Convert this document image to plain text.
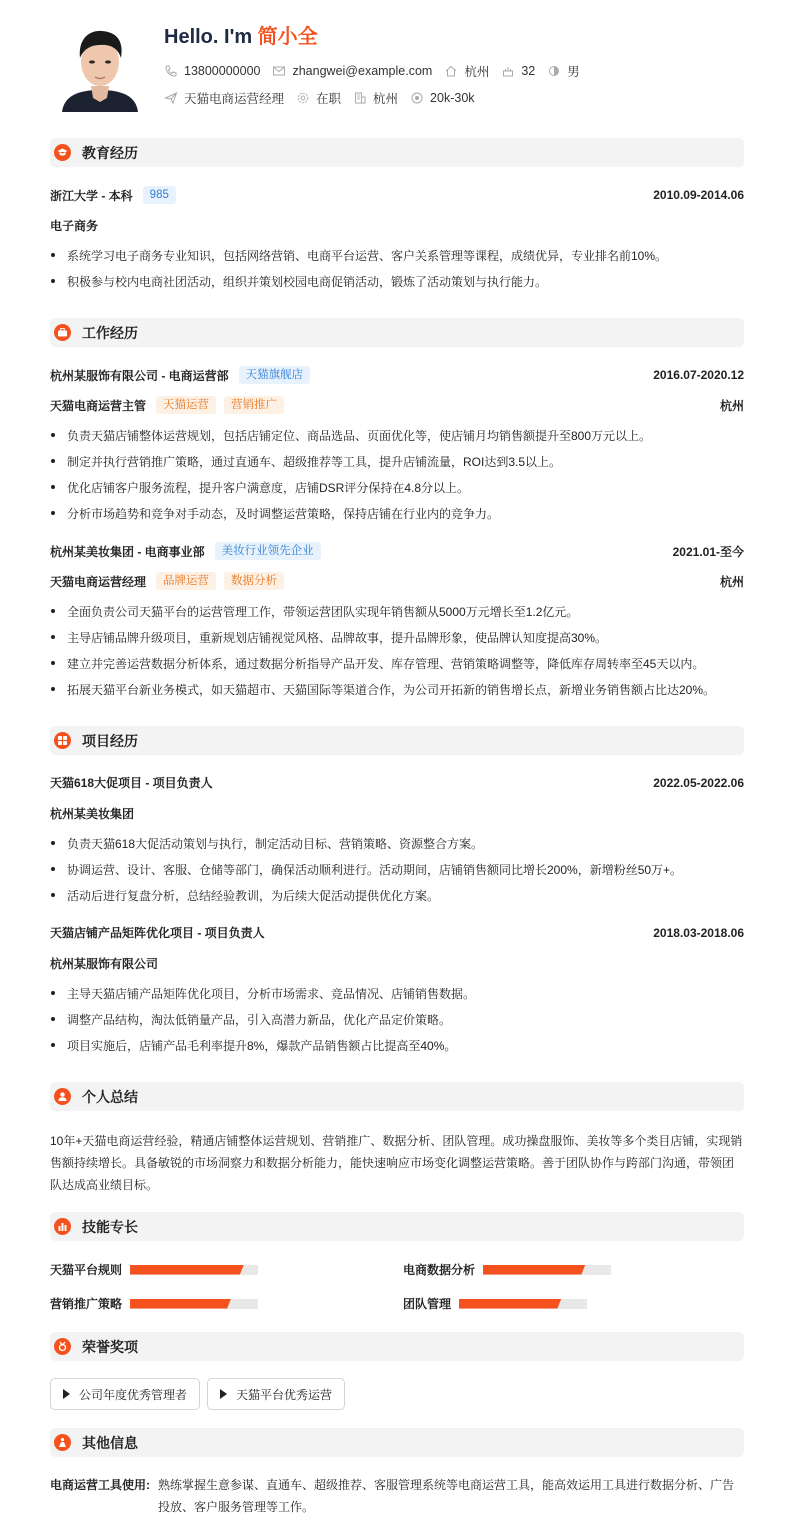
Hello. I'm 简小全
13800000000	zhangwei@example.com	杭州	32	男
天猫电商运营经理	在职	杭州	20k-30k
教育经历
浙江大学 - 本科	985	2010.09-2014.06
电子商务
系统学习电子商务专业知识，包括网络营销、电商平台运营、客户关系管理等课程，成绩优异，专业排名前10%。
积极参与校内电商社团活动，组织并策划校园电商促销活动，锻炼了活动策划与执行能力。
工作经历
杭州某服饰有限公司 - 电商运营部	天猫旗舰店	2016.07-2020.12
天猫电商运营主管	天猫运营	营销推广	杭州
负责天猫店铺整体运营规划，包括店铺定位、商品选品、页面优化等，使店铺月均销售额提升至800万元以上。
制定并执行营销推广策略，通过直通车、超级推荐等工具，提升店铺流量，ROI达到3.5以上。
优化店铺客户服务流程，提升客户满意度，店铺DSR评分保持在4.8分以上。
分析市场趋势和竞争对手动态，及时调整运营策略，保持店铺在行业内的竞争力。
杭州某美妆集团 - 电商事业部	美妆行业领先企业	2021.01-至今
天猫电商运营经理	品牌运营	数据分析	杭州
全面负责公司天猫平台的运营管理工作，带领运营团队实现年销售额从5000万元增长至1.2亿元。
主导店铺品牌升级项目，重新规划店铺视觉风格、品牌故事，提升品牌形象，使品牌认知度提高30%。
建立并完善运营数据分析体系，通过数据分析指导产品开发、库存管理、营销策略调整等，降低库存周转率至45天以内。
拓展天猫平台新业务模式，如天猫超市、天猫国际等渠道合作，为公司开拓新的销售增长点，新增业务销售额占比达20%。
项目经历
天猫618大促项目 - 项目负责人	2022.05-2022.06
杭州某美妆集团
负责天猫618大促活动策划与执行，制定活动目标、营销策略、资源整合方案。
协调运营、设计、客服、仓储等部门，确保活动顺利进行。活动期间，店铺销售额同比增长200%，新增粉丝50万+。
活动后进行复盘分析，总结经验教训，为后续大促活动提供优化方案。
天猫店铺产品矩阵优化项目 - 项目负责人	2018.03-2018.06
杭州某服饰有限公司
主导天猫店铺产品矩阵优化项目，分析市场需求、竞品情况、店铺销售数据。
调整产品结构，淘汰低销量产品，引入高潜力新品，优化产品定价策略。
项目实施后，店铺产品毛利率提升8%，爆款产品销售额占比提高至40%。
个人总结
10年+天猫电商运营经验，精通店铺整体运营规划、营销推广、数据分析、团队管理。成功操盘服饰、美妆等多个类目店铺，实现销售额持续增长。具备敏锐的市场洞察力和数据分析能力，能快速响应市场变化调整运营策略。善于团队协作与跨部门沟通，带领团队达成高业绩目标。
技能专长
天猫平台规则	电商数据分析
营销推广策略	团队管理
荣誉奖项
公司年度优秀管理者	天猫平台优秀运营
其他信息
电商运营工具使用: 熟练掌握生意参谋、直通车、超级推荐、客服管理系统等电商运营工具，能高效运用工具进行数据分析、广告投放、客户服务管理等工作。
